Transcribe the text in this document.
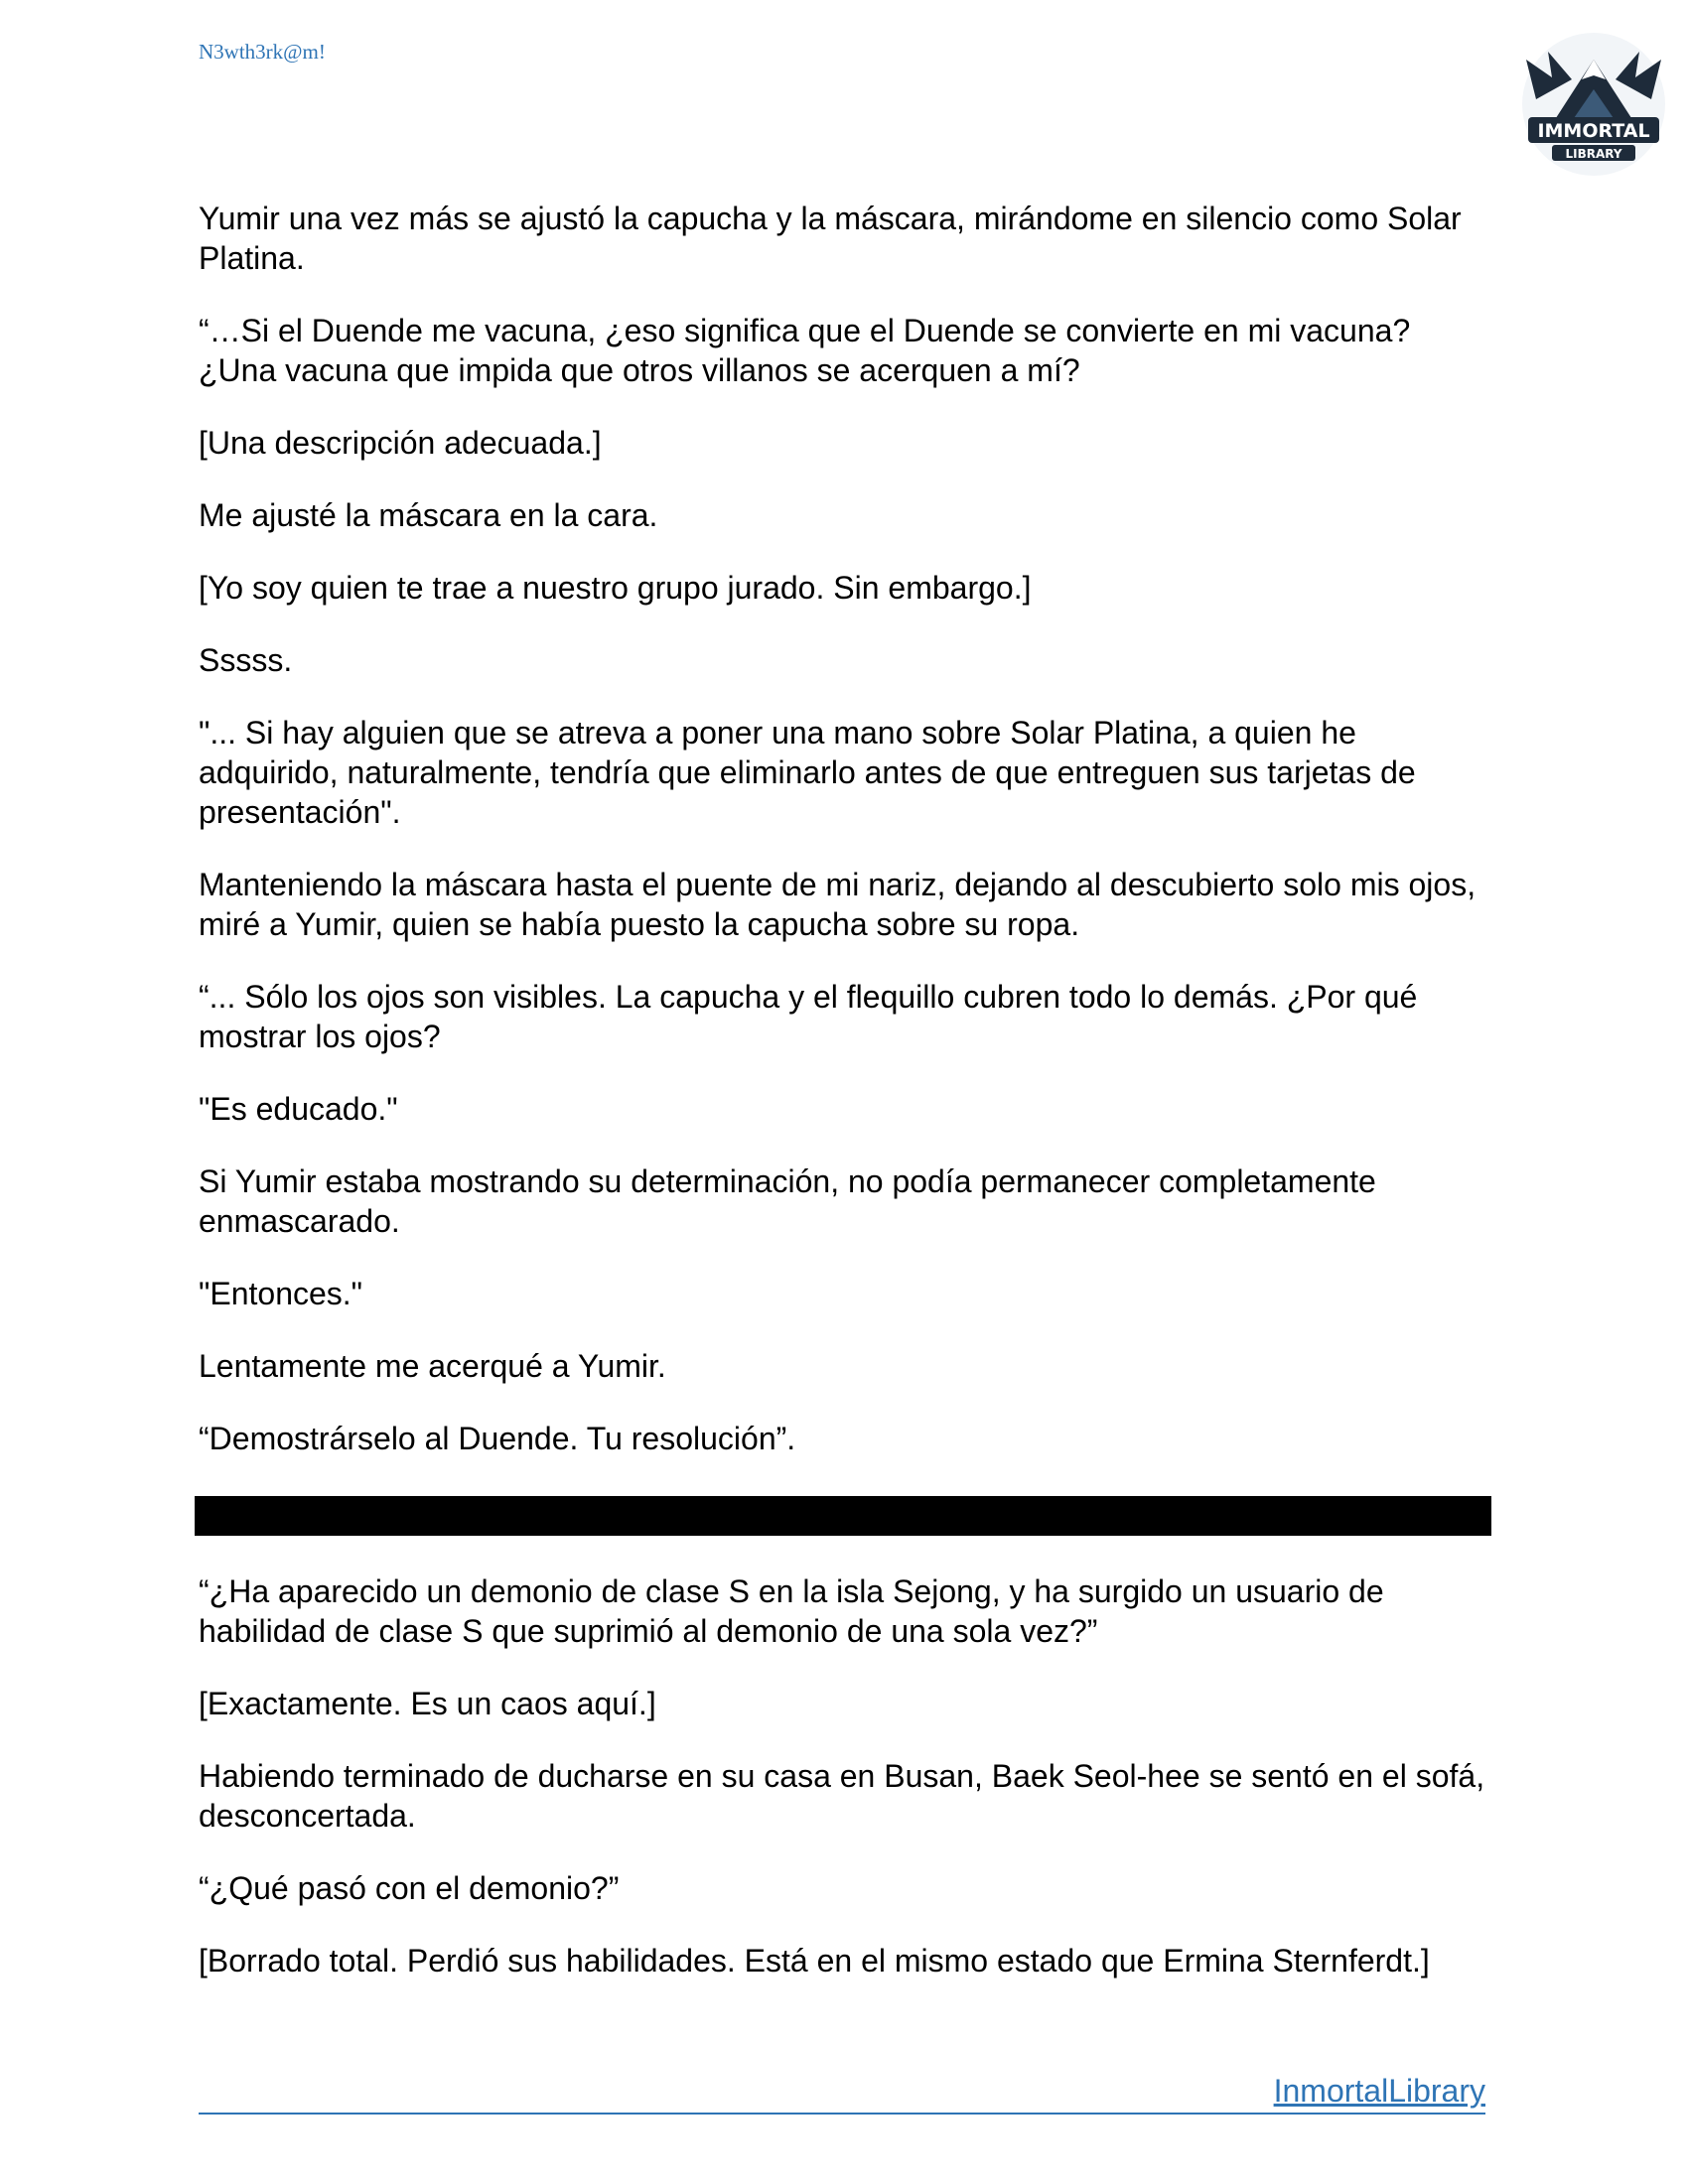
N3wth3rk@m!
IMMORTAL
LIBRARY

Yumir una vez más se ajustó la capucha y la máscara, mirándome en silencio como Solar Platina.

“…Si el Duende me vacuna, ¿eso significa que el Duende se convierte en mi vacuna? ¿Una vacuna que impida que otros villanos se acerquen a mí?

[Una descripción adecuada.]

Me ajusté la máscara en la cara.

[Yo soy quien te trae a nuestro grupo jurado. Sin embargo.]

Sssss.

"... Si hay alguien que se atreva a poner una mano sobre Solar Platina, a quien he adquirido, naturalmente, tendría que eliminarlo antes de que entreguen sus tarjetas de presentación".

Manteniendo la máscara hasta el puente de mi nariz, dejando al descubierto solo mis ojos, miré a Yumir, quien se había puesto la capucha sobre su ropa.

“... Sólo los ojos son visibles. La capucha y el flequillo cubren todo lo demás. ¿Por qué mostrar los ojos?

"Es educado."

Si Yumir estaba mostrando su determinación, no podía permanecer completamente enmascarado.

"Entonces."

Lentamente me acerqué a Yumir.

“Demostrárselo al Duende. Tu resolución”.

“¿Ha aparecido un demonio de clase S en la isla Sejong, y ha surgido un usuario de habilidad de clase S que suprimió al demonio de una sola vez?”

[Exactamente. Es un caos aquí.]

Habiendo terminado de ducharse en su casa en Busan, Baek Seol-hee se sentó en el sofá, desconcertada.

“¿Qué pasó con el demonio?”

[Borrado total. Perdió sus habilidades. Está en el mismo estado que Ermina Sternferdt.]

InmortalLibrary
